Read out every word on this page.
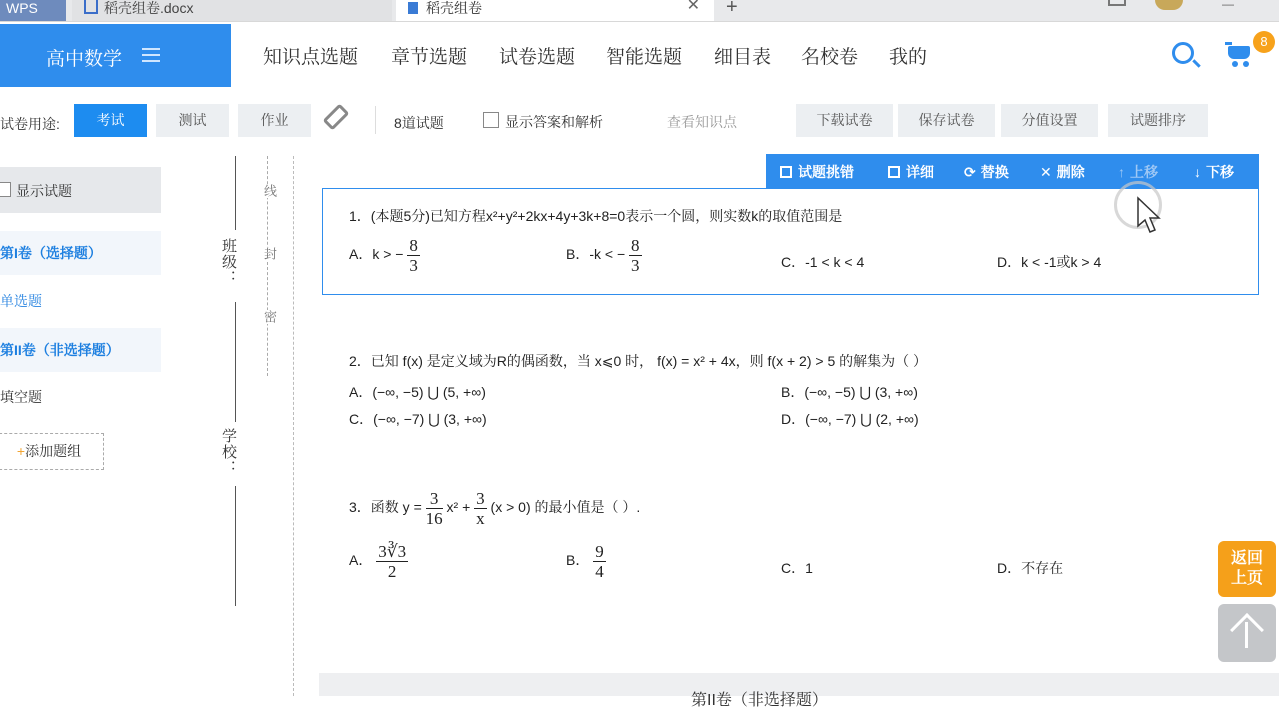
WPS	稻壳组卷.docx	稻壳组卷	✕ +	—
高中数学	知识点选题 章节选题 试卷选题 智能选题 细目表 名校卷 我的
8
试卷用途:	考试	测试	作业	8道试题	显示答案和解析	查看知识点	下载试卷	保存试卷	分值设置	试题排序
显示试题
第I卷（选择题）
单选题
第II卷（非选择题）
填空题
+添加题组
班级：
学校：
线
封
密
试题挑错	详细 ⟳ 替换 ✕ 删除 ↑ 上移	↓ 下移
1．(本题5分)已知方程x²+y²+2kx+4y+3k+8=0表示一个圆，则实数k的取值范围是
A．k > − $\frac{8}{3}$	B．-k < − $\frac{8}{3}$	C．-1 < k < 4	D．k < -1或k > 4
2．已知 f(x) 是定义域为R的偶函数，当 x⩽0 时， f(x) = x² + 4x，则 f(x + 2) > 5 的解集为（ ）
A．(−∞, −5) ⋃ (5, +∞)	B．(−∞, −5) ⋃ (3, +∞)
C．(−∞, −7) ⋃ (3, +∞)	D．(−∞, −7) ⋃ (2, +∞)
3．函数 $y = \frac{3}{16} x^2 + \frac{3}{x} (x > 0)$ 的最小值是（ ）.
A． $\frac{3∛3}{2}$	B． $\frac{9}{4}$	C．1	D．不存在
返回
上页
第II卷（非选择题）
